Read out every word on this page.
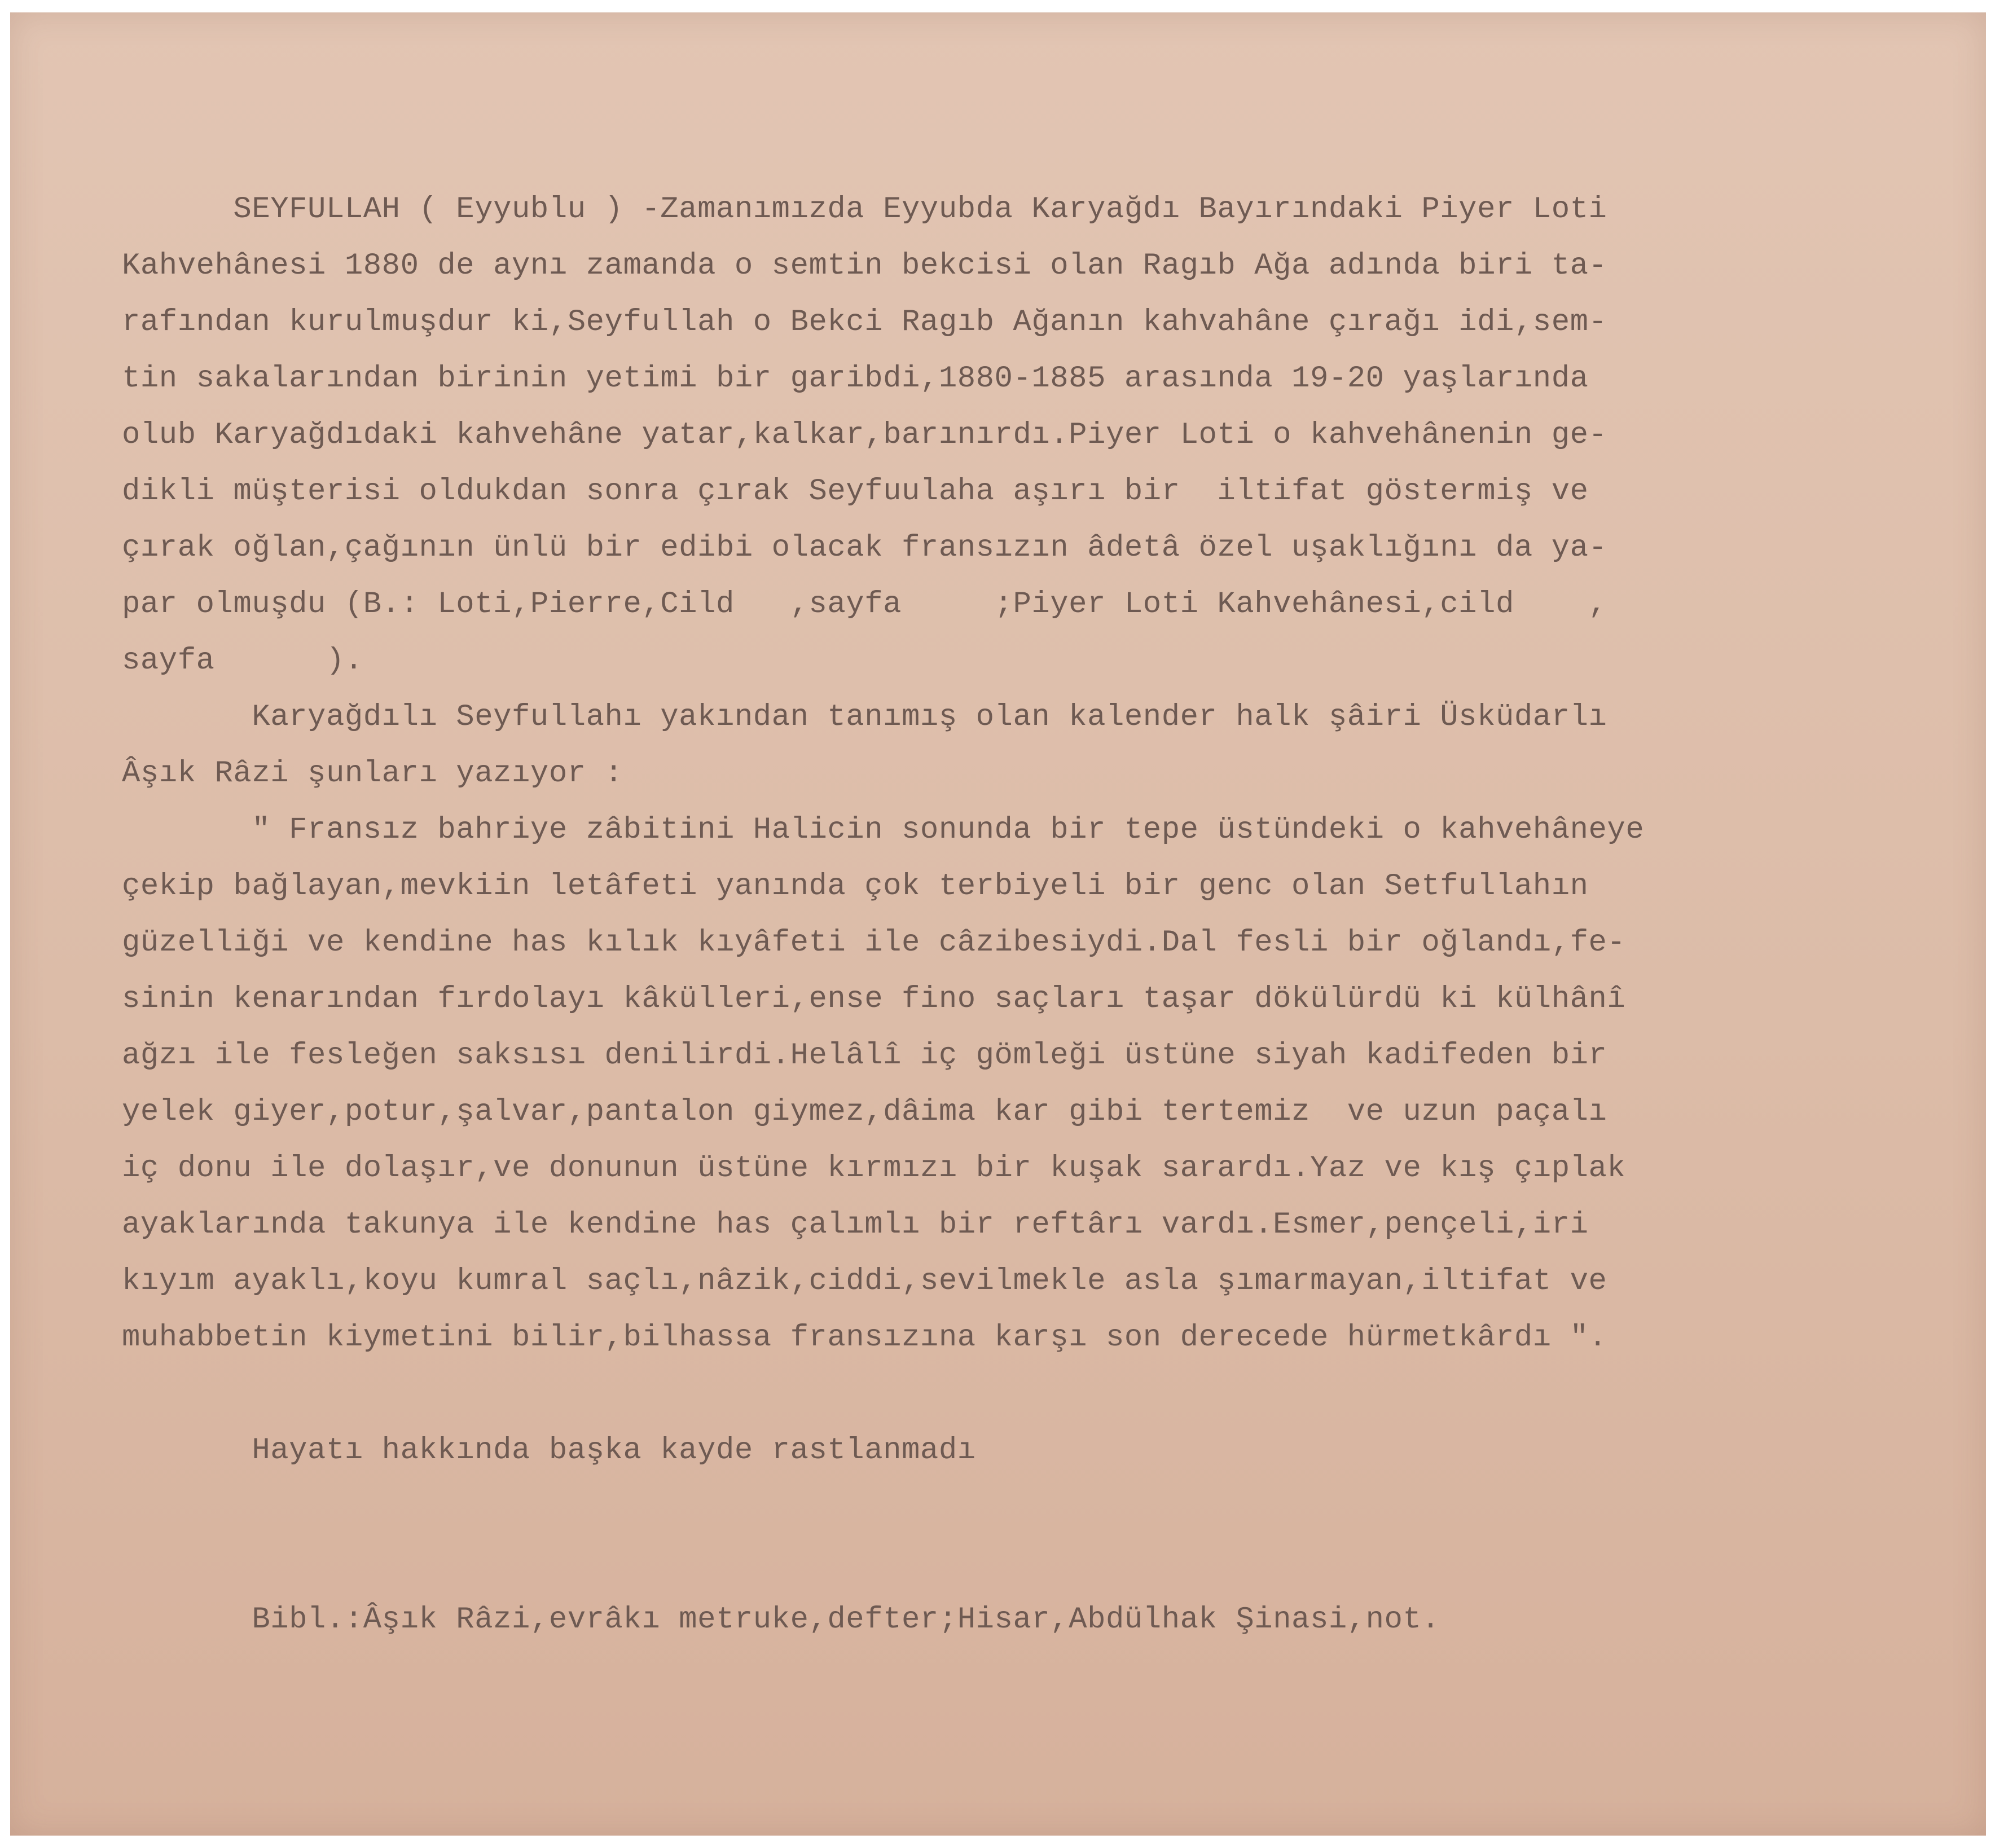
SEYFULLAH ( Eyyublu ) -Zamanımızda Eyyubda Karyağdı Bayırındaki Piyer Loti
Kahvehânesi 1880 de aynı zamanda o semtin bekcisi olan Ragıb Ağa adında biri ta-
rafından kurulmuşdur ki,Seyfullah o Bekci Ragıb Ağanın kahvahâne çırağı idi,sem-
tin sakalarından birinin yetimi bir garibdi,1880-1885 arasında 19-20 yaşlarında
olub Karyağdıdaki kahvehâne yatar,kalkar,barınırdı.Piyer Loti o kahvehânenin ge-
dikli müşterisi oldukdan sonra çırak Seyfuulaha aşırı bir  iltifat göstermiş ve
çırak oğlan,çağının ünlü bir edibi olacak fransızın âdetâ özel uşaklığını da ya-
par olmuşdu (B.: Loti,Pierre,Cild   ,sayfa     ;Piyer Loti Kahvehânesi,cild    ,
sayfa      ).
Karyağdılı Seyfullahı yakından tanımış olan kalender halk şâiri Üsküdarlı
Âşık Râzi şunları yazıyor :
" Fransız bahriye zâbitini Halicin sonunda bir tepe üstündeki o kahvehâneye
çekip bağlayan,mevkiin letâfeti yanında çok terbiyeli bir genc olan Setfullahın
güzelliği ve kendine has kılık kıyâfeti ile câzibesiydi.Dal fesli bir oğlandı,fe-
sinin kenarından fırdolayı kâkülleri,ense fino saçları taşar dökülürdü ki külhânî
ağzı ile fesleğen saksısı denilirdi.Helâlî iç gömleği üstüne siyah kadifeden bir
yelek giyer,potur,şalvar,pantalon giymez,dâima kar gibi tertemiz  ve uzun paçalı
iç donu ile dolaşır,ve donunun üstüne kırmızı bir kuşak sarardı.Yaz ve kış çıplak
ayaklarında takunya ile kendine has çalımlı bir reftârı vardı.Esmer,pençeli,iri
kıyım ayaklı,koyu kumral saçlı,nâzik,ciddi,sevilmekle asla şımarmayan,iltifat ve
muhabbetin kiymetini bilir,bilhassa fransızına karşı son derecede hürmetkârdı ".
Hayatı hakkında başka kayde rastlanmadı
Bibl.:Âşık Râzi,evrâkı metruke,defter;Hisar,Abdülhak Şinasi,not.
